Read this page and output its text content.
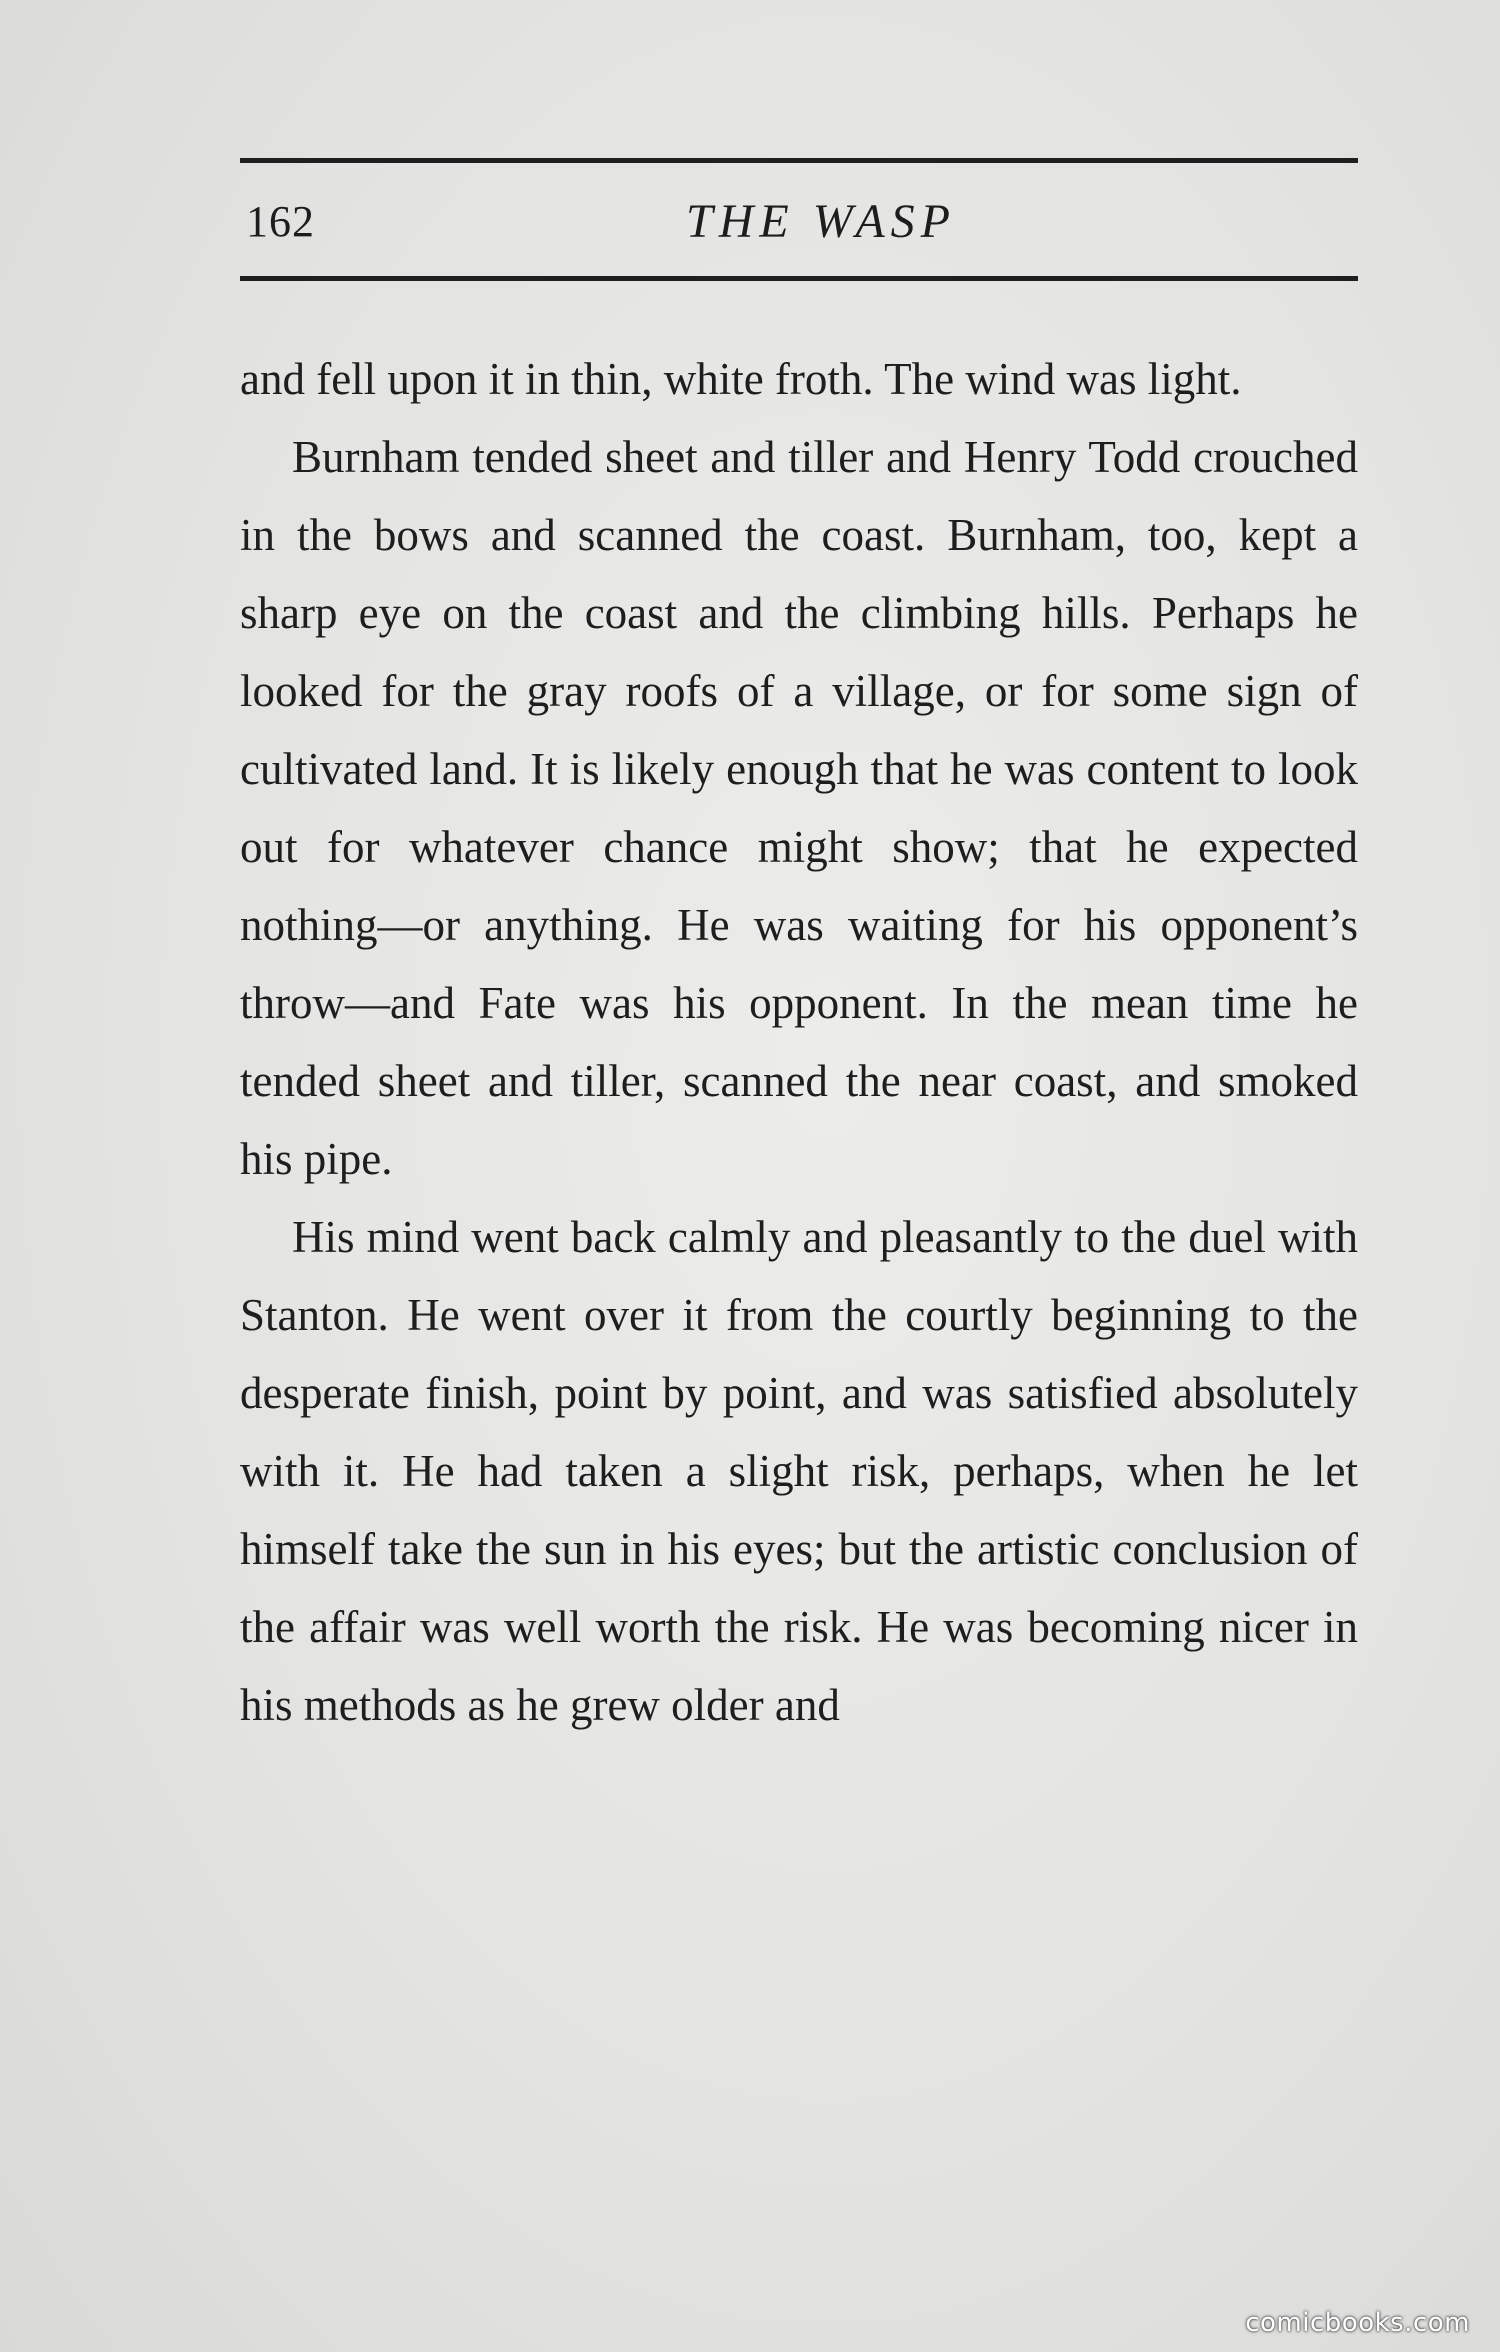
162	THE WASP

and fell upon it in thin, white froth. The wind was light.

Burnham tended sheet and tiller and Henry Todd crouched in the bows and scanned the coast. Burnham, too, kept a sharp eye on the coast and the climbing hills. Perhaps he looked for the gray roofs of a village, or for some sign of cultivated land. It is likely enough that he was content to look out for whatever chance might show; that he expected nothing—or anything. He was waiting for his opponent’s throw—and Fate was his opponent. In the mean time he tended sheet and tiller, scanned the near coast, and smoked his pipe.

His mind went back calmly and pleasantly to the duel with Stanton. He went over it from the courtly beginning to the desperate finish, point by point, and was satisfied absolutely with it. He had taken a slight risk, perhaps, when he let himself take the sun in his eyes; but the artistic conclusion of the affair was well worth the risk. He was becoming nicer in his methods as he grew older and

comicbooks.com
